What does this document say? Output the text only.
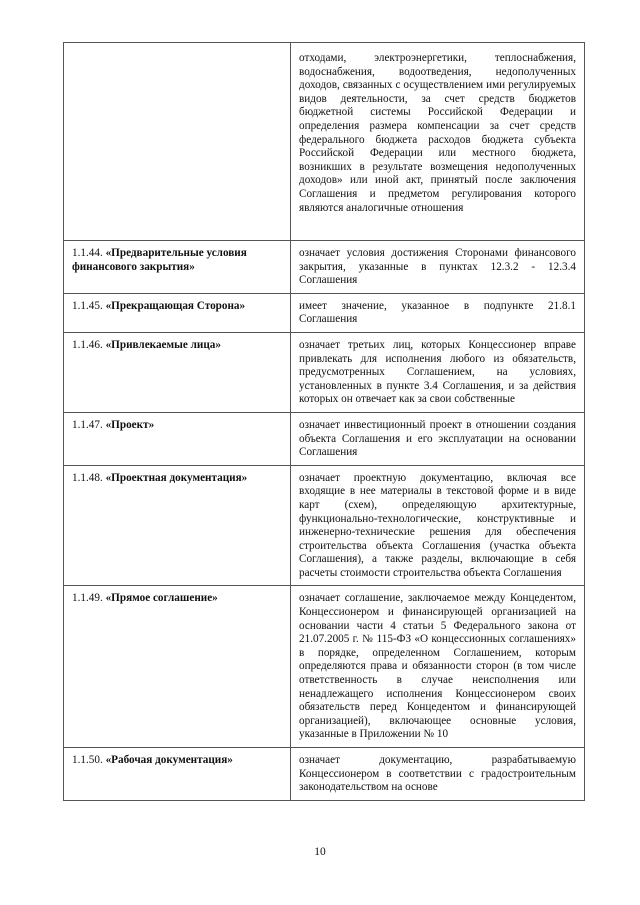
	отходами, электроэнергетики, теплоснабжения, водоснабжения, водоотведения, недополученных доходов, связанных с осуществлением ими регулируемых видов деятельности, за счет средств бюджетов бюджетной системы Российской Федерации и определения размера компенсации за счет средств федерального бюджета расходов бюджета субъекта Российской Федерации или местного бюджета, возникших в результате возмещения недополученных доходов» или иной акт, принятый после заключения Соглашения и предметом регулирования которого являются аналогичные отношения
1.1.44. «Предварительные условия финансового закрытия»	означает условия достижения Сторонами финансового закрытия, указанные в пунктах 12.3.2 - 12.3.4 Соглашения
1.1.45. «Прекращающая Сторона»	имеет значение, указанное в подпункте 21.8.1 Соглашения
1.1.46. «Привлекаемые лица»	означает третьих лиц, которых Концессионер вправе привлекать для исполнения любого из обязательств, предусмотренных Соглашением, на условиях, установленных в пункте 3.4 Соглашения, и за действия которых он отвечает как за свои собственные
1.1.47. «Проект»	означает инвестиционный проект в отношении создания объекта Соглашения и его эксплуатации на основании Соглашения
1.1.48. «Проектная документация»	означает проектную документацию, включая все входящие в нее материалы в текстовой форме и в виде карт (схем), определяющую архитектурные, функционально-технологические, конструктивные и инженерно-технические решения для обеспечения строительства объекта Соглашения (участка объекта Соглашения), а также разделы, включающие в себя расчеты стоимости строительства объекта Соглашения
1.1.49. «Прямое соглашение»	означает соглашение, заключаемое между Концедентом, Концессионером и финансирующей организацией на основании части 4 статьи 5 Федерального закона от 21.07.2005 г. № 115-ФЗ «О концессионных соглашениях» в порядке, определенном Соглашением, которым определяются права и обязанности сторон (в том числе ответственность в случае неисполнения или ненадлежащего исполнения Концессионером своих обязательств перед Концедентом и финансирующей организацией), включающее основные условия, указанные в Приложении № 10
1.1.50. «Рабочая документация»	означает документацию, разрабатываемую Концессионером в соответствии с градостроительным законодательством на основе
10
